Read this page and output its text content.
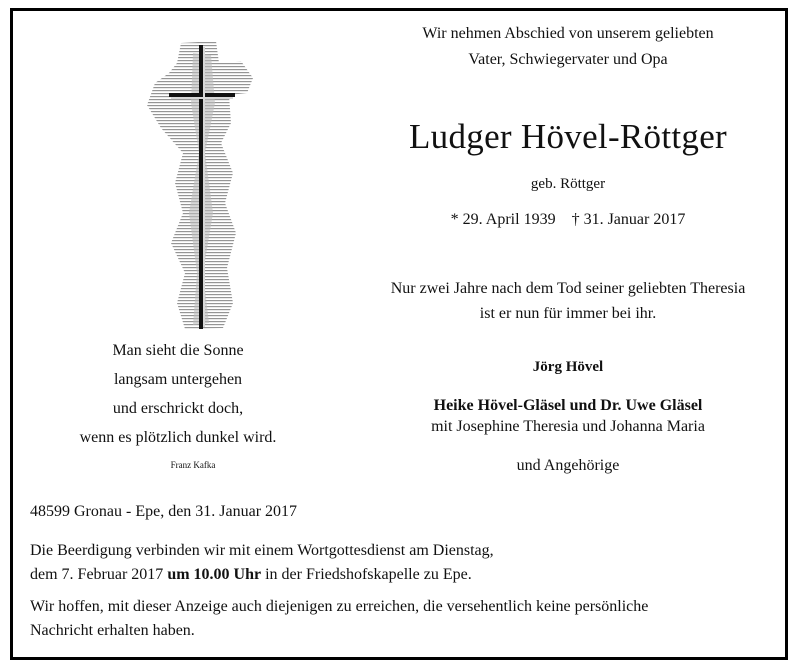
Man sieht die Sonne
langsam untergehen
und erschrickt doch,
wenn es plötzlich dunkel wird.
Franz Kafka
Wir nehmen Abschied von unserem geliebten
Vater, Schwiegervater und Opa
Ludger Hövel-Röttger
geb. Röttger
* 29. April 1939 † 31. Januar 2017
Nur zwei Jahre nach dem Tod seiner geliebten Theresia
ist er nun für immer bei ihr.
Jörg Hövel
Heike Hövel-Gläsel und Dr. Uwe Gläsel
mit Josephine Theresia und Johanna Maria
und Angehörige
48599 Gronau - Epe, den 31. Januar 2017
Die Beerdigung verbinden wir mit einem Wortgottesdienst am Dienstag,
dem 7. Februar 2017 um 10.00 Uhr in der Friedshofskapelle zu Epe.
Wir hoffen, mit dieser Anzeige auch diejenigen zu erreichen, die versehentlich keine persönliche
Nachricht erhalten haben.
